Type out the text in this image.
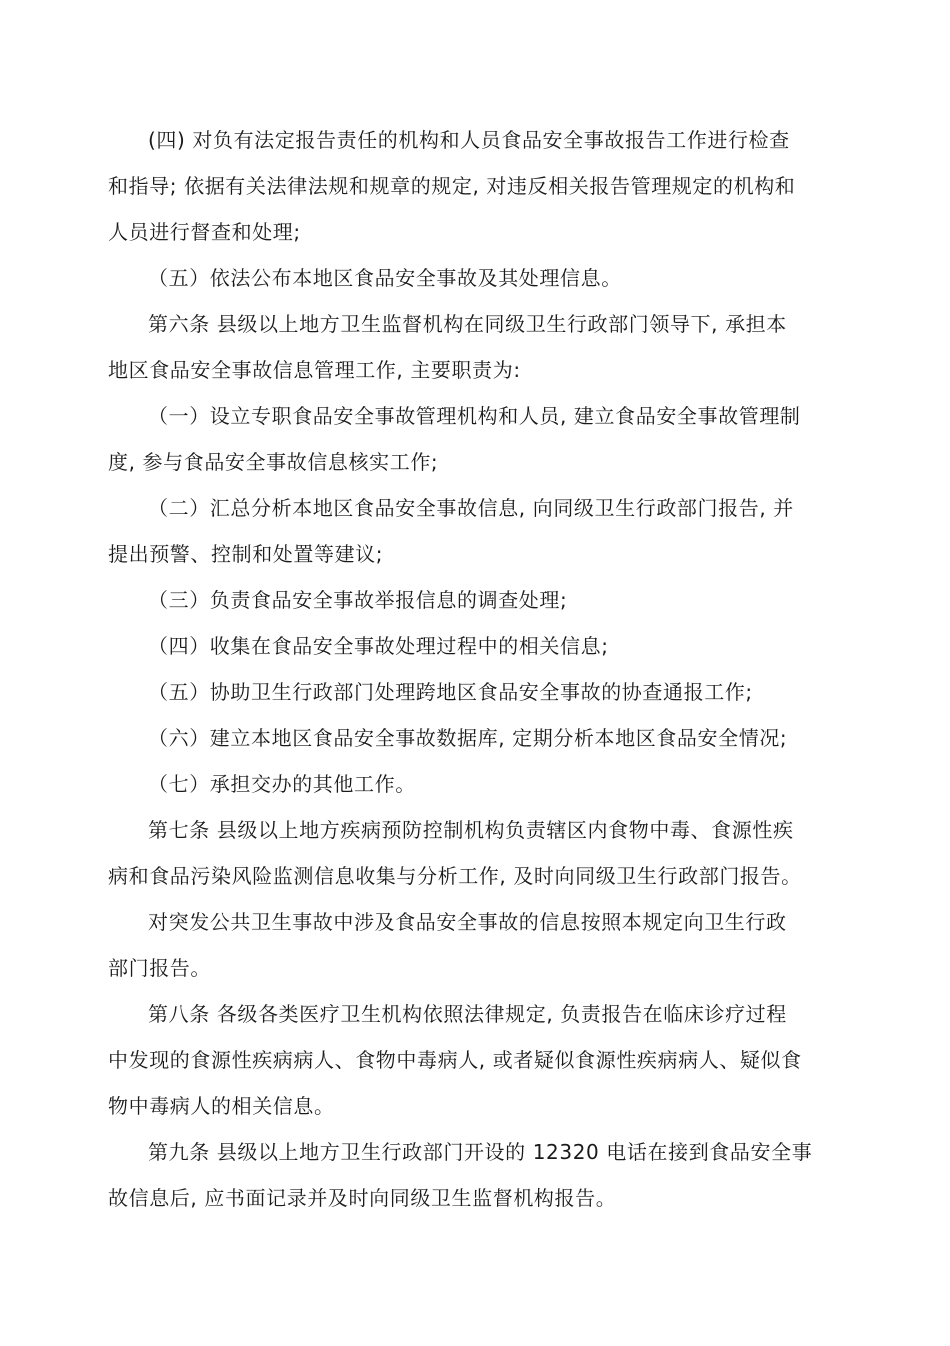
(四) 对负有法定报告责任的机构和人员食品安全事故报告工作进行检查
和指导; 依据有关法律法规和规章的规定, 对违反相关报告管理规定的机构和
人员进行督查和处理;
（五）依法公布本地区食品安全事故及其处理信息。
第六条 县级以上地方卫生监督机构在同级卫生行政部门领导下, 承担本
地区食品安全事故信息管理工作, 主要职责为:
（一）设立专职食品安全事故管理机构和人员, 建立食品安全事故管理制
度, 参与食品安全事故信息核实工作;
（二）汇总分析本地区食品安全事故信息, 向同级卫生行政部门报告, 并
提出预警、控制和处置等建议;
（三）负责食品安全事故举报信息的调查处理;
（四）收集在食品安全事故处理过程中的相关信息;
（五）协助卫生行政部门处理跨地区食品安全事故的协查通报工作;
（六）建立本地区食品安全事故数据库, 定期分析本地区食品安全情况;
（七）承担交办的其他工作。
第七条 县级以上地方疾病预防控制机构负责辖区内食物中毒、食源性疾
病和食品污染风险监测信息收集与分析工作, 及时向同级卫生行政部门报告。
对突发公共卫生事故中涉及食品安全事故的信息按照本规定向卫生行政
部门报告。
第八条 各级各类医疗卫生机构依照法律规定, 负责报告在临床诊疗过程
中发现的食源性疾病病人、食物中毒病人, 或者疑似食源性疾病病人、疑似食
物中毒病人的相关信息。
第九条 县级以上地方卫生行政部门开设的 12320 电话在接到食品安全事
故信息后, 应书面记录并及时向同级卫生监督机构报告。
